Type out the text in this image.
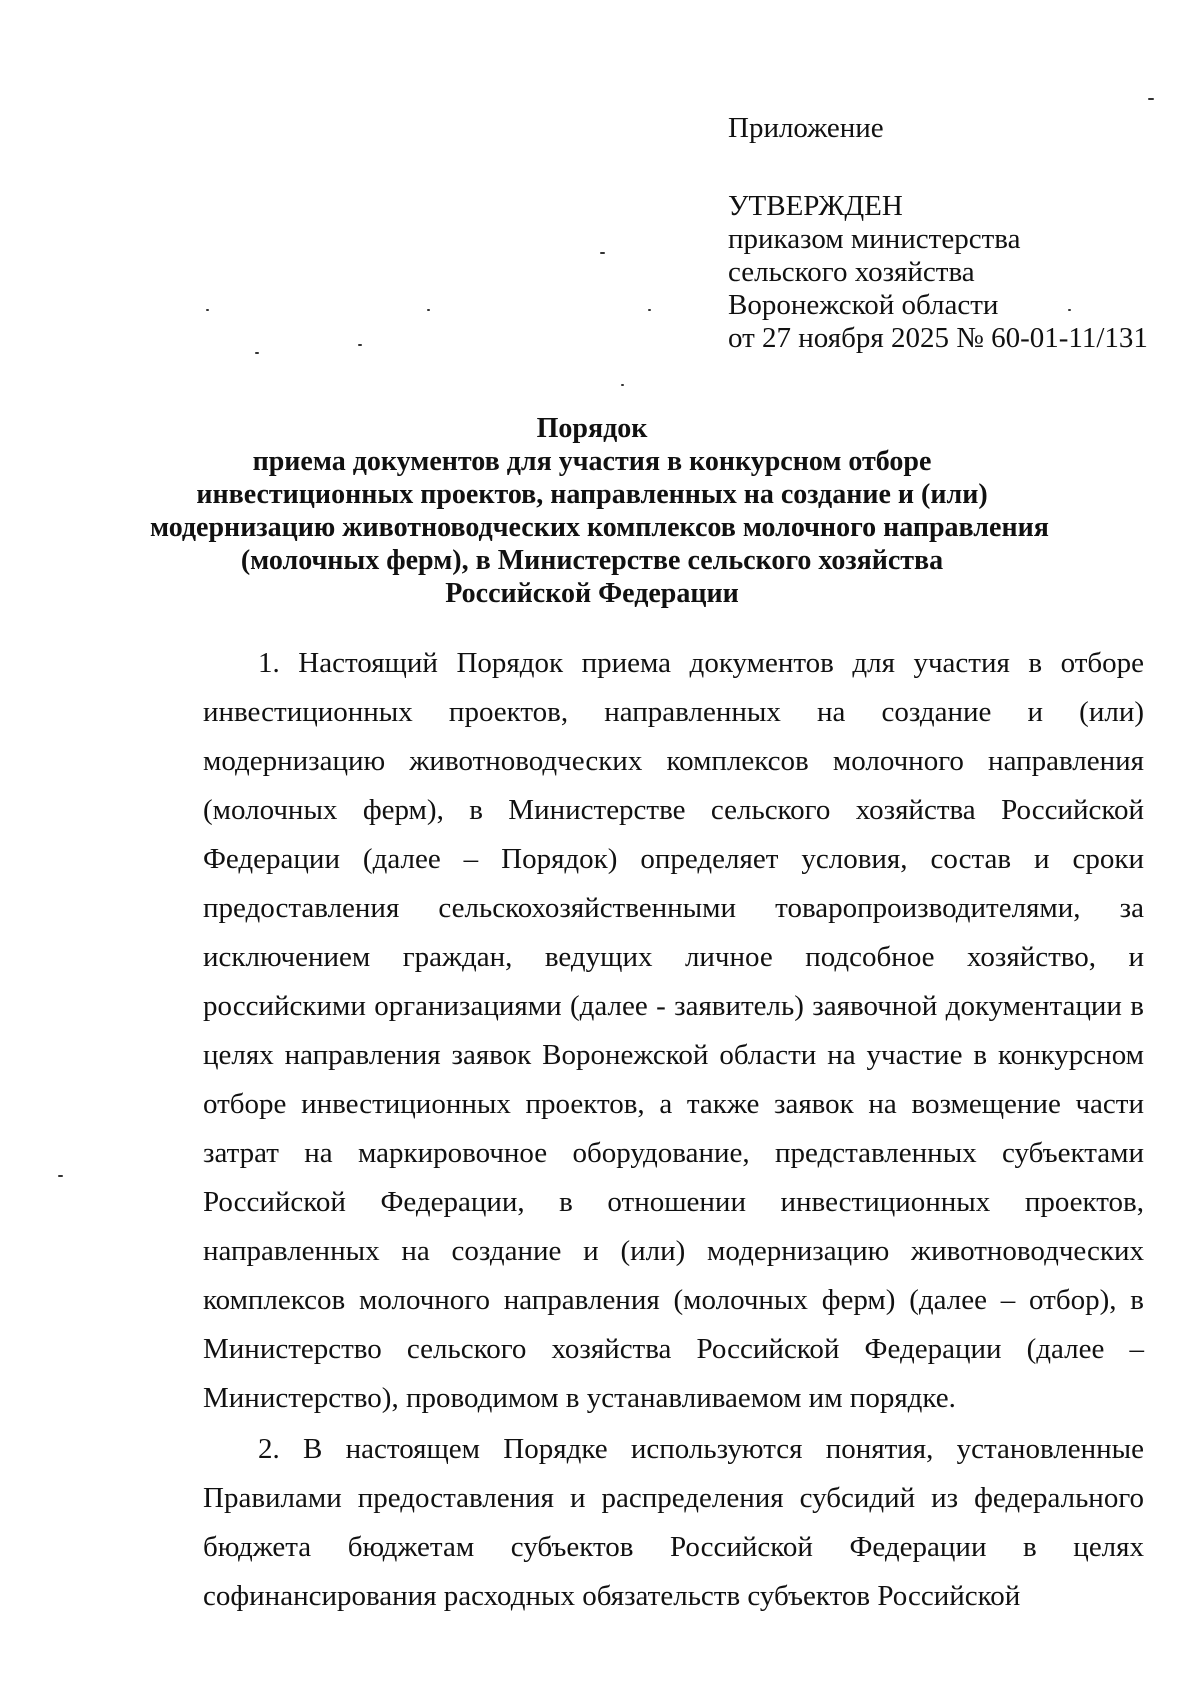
Приложение
УТВЕРЖДЕН
приказом министерства
сельского хозяйства
Воронежской области
от 27 ноября 2025 № 60-01-11/131
Порядок
приема документов для участия в конкурсном отборе
инвестиционных проектов, направленных на создание и (или)
модернизацию животноводческих комплексов молочного направления
(молочных ферм), в Министерстве сельского хозяйства
Российской Федерации

1. Настоящий Порядок приема документов для участия в отборе инвестиционных проектов, направленных на создание и (или) модернизацию животноводческих комплексов молочного направления (молочных ферм), в Министерстве сельского хозяйства Российской Федерации (далее – Порядок) определяет условия, состав и сроки предоставления сельскохозяйственными товаропроизводителями, за исключением граждан, ведущих личное подсобное хозяйство, и российскими организациями (далее - заявитель) заявочной документации в целях направления заявок Воронежской области на участие в конкурсном отборе инвестиционных проектов, а также заявок на возмещение части затрат на маркировочное оборудование, представленных субъектами Российской Федерации, в отношении инвестиционных проектов, направленных на создание и (или) модернизацию животноводческих комплексов молочного направления (молочных ферм) (далее – отбор), в Министерство сельского хозяйства Российской Федерации (далее – Министерство), проводимом в устанавливаемом им порядке.

2. В настоящем Порядке используются понятия, установленные Правилами предоставления и распределения субсидий из федерального бюджета бюджетам субъектов Российской Федерации в целях софинансирования расходных обязательств субъектов Российской
